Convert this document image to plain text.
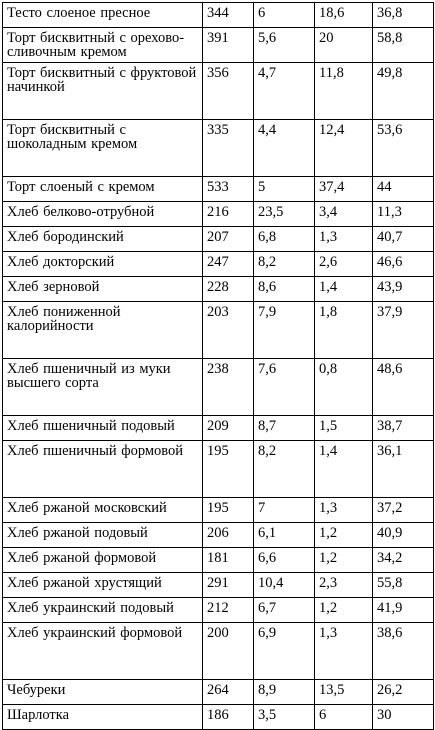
Тесто слоеное пресное	344	6	18,6	36,8
Торт бисквитный с орехово-сливочным кремом	391	5,6	20	58,8
Торт бисквитный с фруктовой начинкой	356	4,7	11,8	49,8
Торт бисквитный с шоколадным кремом	335	4,4	12,4	53,6
Торт слоеный с кремом	533	5	37,4	44
Хлеб белково-отрубной	216	23,5	3,4	11,3
Хлеб бородинский	207	6,8	1,3	40,7
Хлеб докторский	247	8,2	2,6	46,6
Хлеб зерновой	228	8,6	1,4	43,9
Хлеб пониженной калорийности	203	7,9	1,8	37,9
Хлеб пшеничный из муки высшего сорта	238	7,6	0,8	48,6
Хлеб пшеничный подовый	209	8,7	1,5	38,7
Хлеб пшеничный формовой	195	8,2	1,4	36,1
Хлеб ржаной московский	195	7	1,3	37,2
Хлеб ржаной подовый	206	6,1	1,2	40,9
Хлеб ржаной формовой	181	6,6	1,2	34,2
Хлеб ржаной хрустящий	291	10,4	2,3	55,8
Хлеб украинский подовый	212	6,7	1,2	41,9
Хлеб украинский формовой	200	6,9	1,3	38,6
Чебуреки	264	8,9	13,5	26,2
Шарлотка	186	3,5	6	30
